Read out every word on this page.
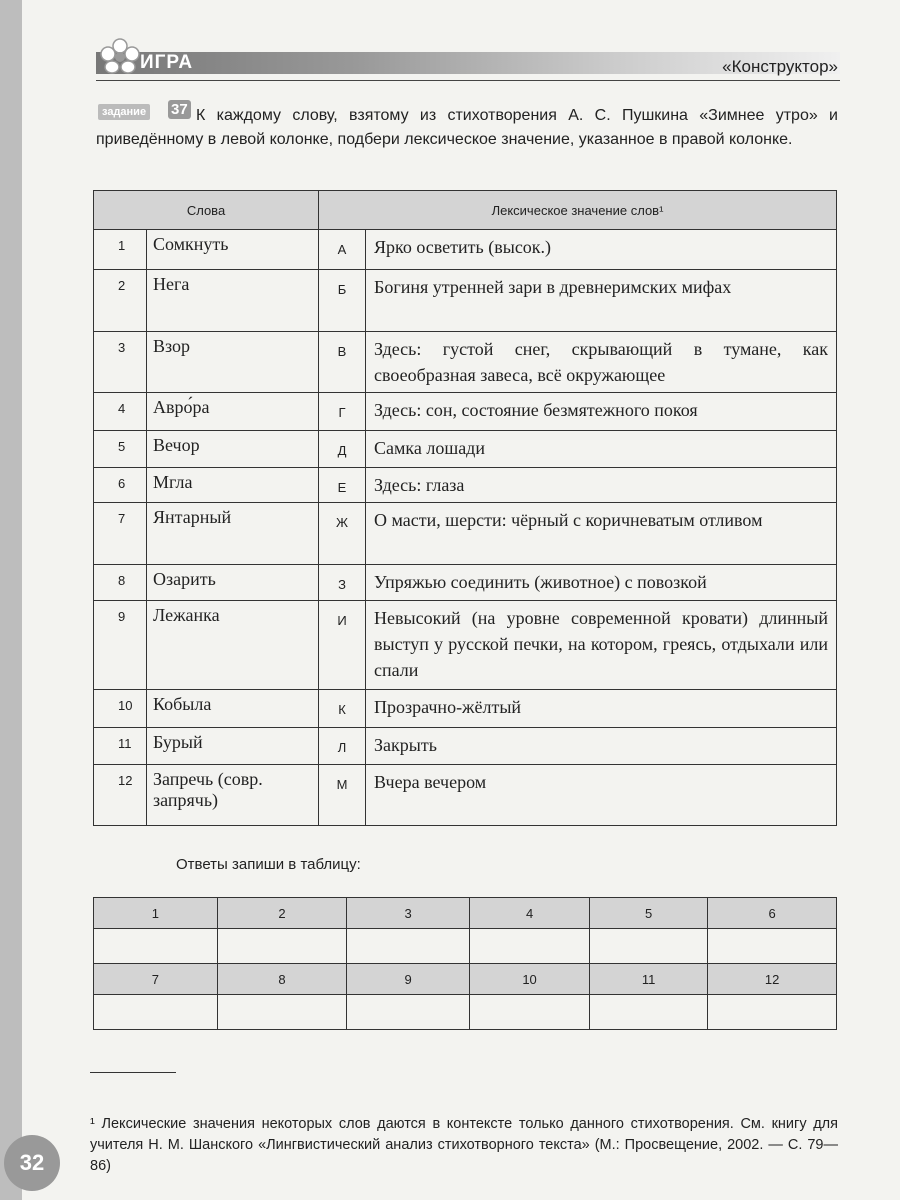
ИГРА	«Конструктор»
К каждому слову, взятому из стихотворения А. С. Пушкина «Зимнее утро» и приведённому в левой колонке, подбери лексическое значение, указанное в правой колонке.
задание 37
Слова		Лексическое значение слов¹	

1	Сомкнуть	А	Ярко осветить (высок.)

2	Нега	Б	Богиня утренней зари в древнеримских мифах

3	Взор	В	Здесь: густой снег, скрывающий в тумане, как своеобразная завеса, всё окружающее

4	Авро́ра	Г	Здесь: сон, состояние безмятежного покоя

5	Вечор	Д	Самка лошади

6	Мгла	Е	Здесь: глаза

7	Янтарный	Ж	О масти, шерсти: чёрный с коричневатым отливом

8	Озарить	З	Упряжью соединить (животное) с повозкой

9	Лежанка	И	Невысокий (на уровне современной кровати) длинный выступ у русской печки, на котором, греясь, отдыхали или спали

10	Кобыла	К	Прозрачно-жёлтый

11	Бурый	Л	Закрыть

12	Запречь (совр. запрячь)	М	Вчера вечером
Ответы запиши в таблицу:
1	2	3	4	5	6

7	8	9	10	11	12

¹ Лексические значения некоторых слов даются в контексте только данного стихотворения. См. книгу для учителя Н. М. Шанского «Лингвистический анализ стихотворного текста» (М.: Просвещение, 2002. — С. 79—86)
32
